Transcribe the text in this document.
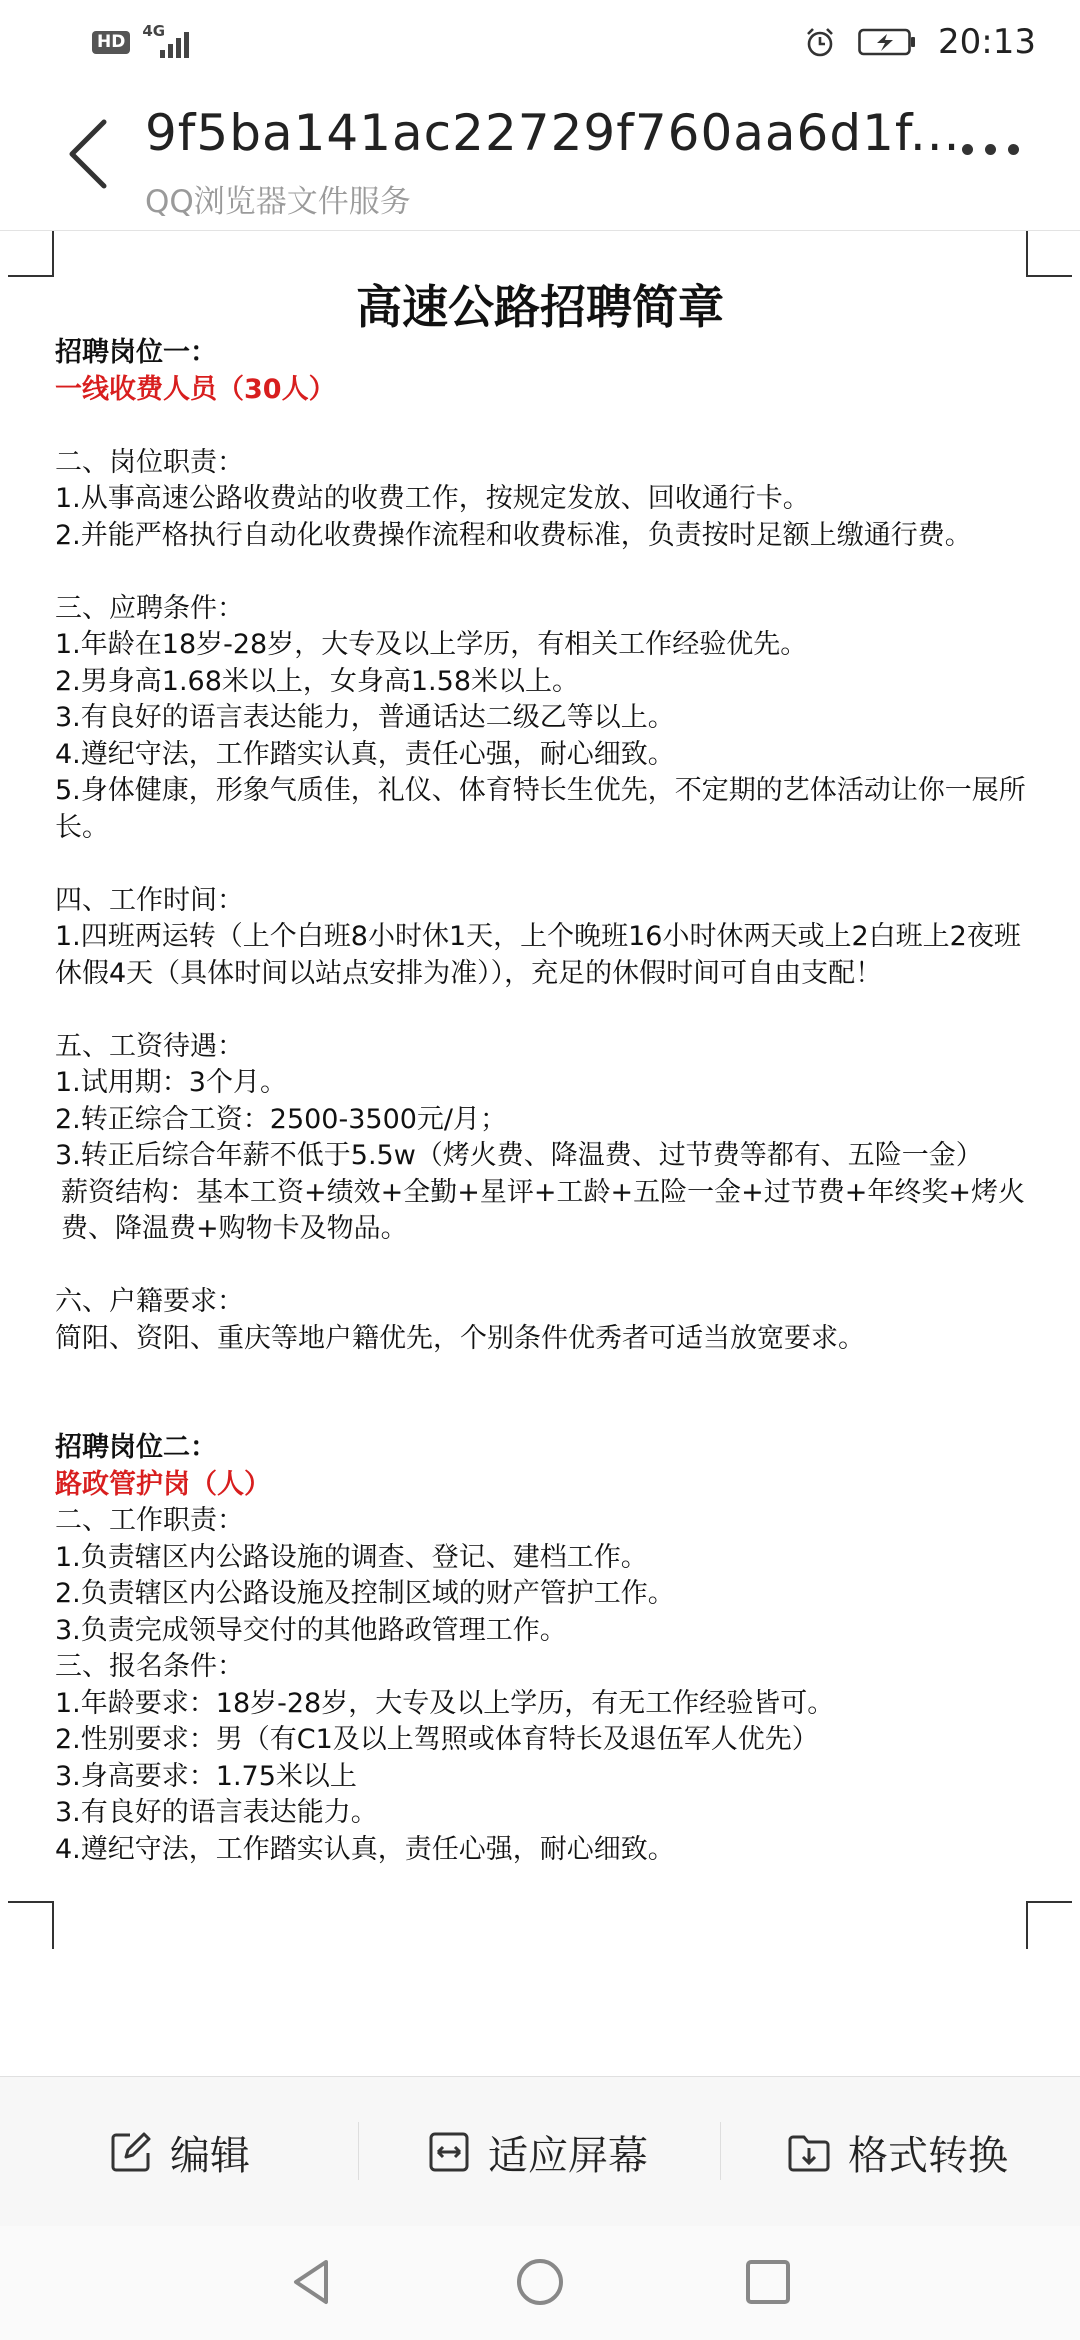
HD
4G	20:13
9f5ba141ac22729f760aa6d1f...
QQ浏览器文件服务
高速公路招聘简章

招聘岗位一：

一线收费人员（30人）

二、岗位职责：

1.从事高速公路收费站的收费工作，按规定发放、回收通行卡。

2.并能严格执行自动化收费操作流程和收费标准，负责按时足额上缴通行费。

三、应聘条件：

1.年龄在18岁-28岁，大专及以上学历，有相关工作经验优先。

2.男身高1.68米以上，女身高1.58米以上。

3.有良好的语言表达能力，普通话达二级乙等以上。

4.遵纪守法，工作踏实认真，责任心强，耐心细致。

5.身体健康，形象气质佳，礼仪、体育特长生优先，不定期的艺体活动让你一展所长。

四、工作时间：

1.四班两运转（上个白班8小时休1天，上个晚班16小时休两天或上2白班上2夜班休假4天（具体时间以站点安排为准）），充足的休假时间可自由支配！

五、工资待遇：

1.试用期：3个月。

2.转正综合工资：2500-3500元/月；

3.转正后综合年薪不低于5.5w（烤火费、降温费、过节费等都有、五险一金）

薪资结构：基本工资+绩效+全勤+星评+工龄+五险一金+过节费+年终奖+烤火费、降温费+购物卡及物品。

六、户籍要求：

简阳、资阳、重庆等地户籍优先，个别条件优秀者可适当放宽要求。

招聘岗位二：

路政管护岗（人）

二、工作职责：

1.负责辖区内公路设施的调查、登记、建档工作。

2.负责辖区内公路设施及控制区域的财产管护工作。

3.负责完成领导交付的其他路政管理工作。

三、报名条件：

1.年龄要求：18岁-28岁，大专及以上学历，有无工作经验皆可。

2.性别要求：男（有C1及以上驾照或体育特长及退伍军人优先）

3.身高要求：1.75米以上

3.有良好的语言表达能力。

4.遵纪守法，工作踏实认真，责任心强，耐心细致。

编辑	适应屏幕	格式转换
